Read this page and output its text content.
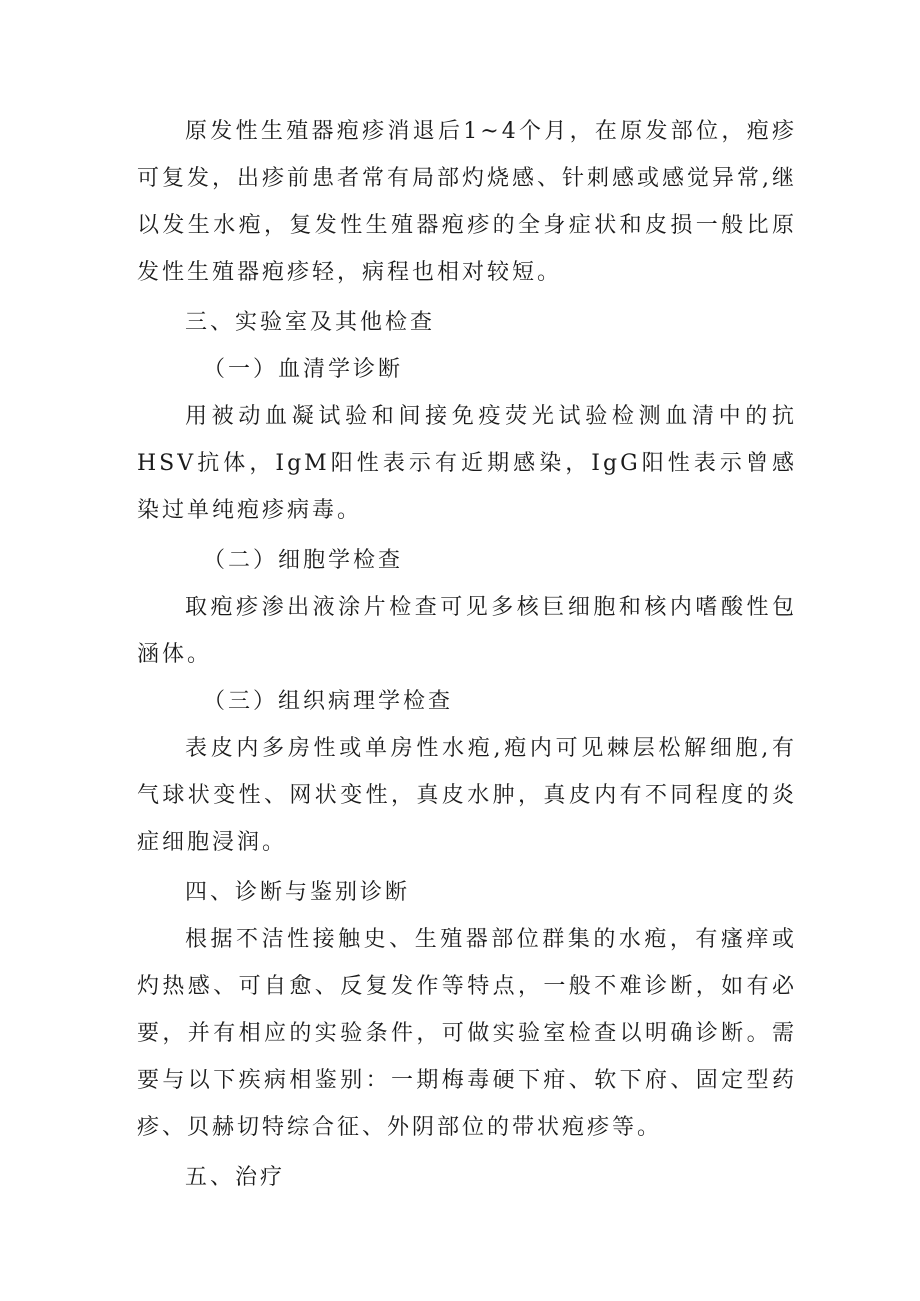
原发性生殖器疱疹消退后1~4个月，在原发部位，疱疹可复发，出疹前患者常有局部灼烧感、针刺感或感觉异常,继以发生水疱，复发性生殖器疱疹的全身症状和皮损一般比原发性生殖器疱疹轻，病程也相对较短。

三、实验室及其他检查

（一）血清学诊断

用被动血凝试验和间接免疫荧光试验检测血清中的抗HSV抗体，IgM阳性表示有近期感染，IgG阳性表示曾感染过单纯疱疹病毒。

（二）细胞学检查

取疱疹渗出液涂片检查可见多核巨细胞和核内嗜酸性包涵体。

（三）组织病理学检查

表皮内多房性或单房性水疱,疱内可见棘层松解细胞,有气球状变性、网状变性，真皮水肿，真皮内有不同程度的炎症细胞浸润。

四、诊断与鉴别诊断

根据不洁性接触史、生殖器部位群集的水疱，有瘙痒或灼热感、可自愈、反复发作等特点，一般不难诊断，如有必要，并有相应的实验条件，可做实验室检查以明确诊断。需要与以下疾病相鉴别：一期梅毒硬下疳、软下府、固定型药疹、贝赫切特综合征、外阴部位的带状疱疹等。

五、治疗
